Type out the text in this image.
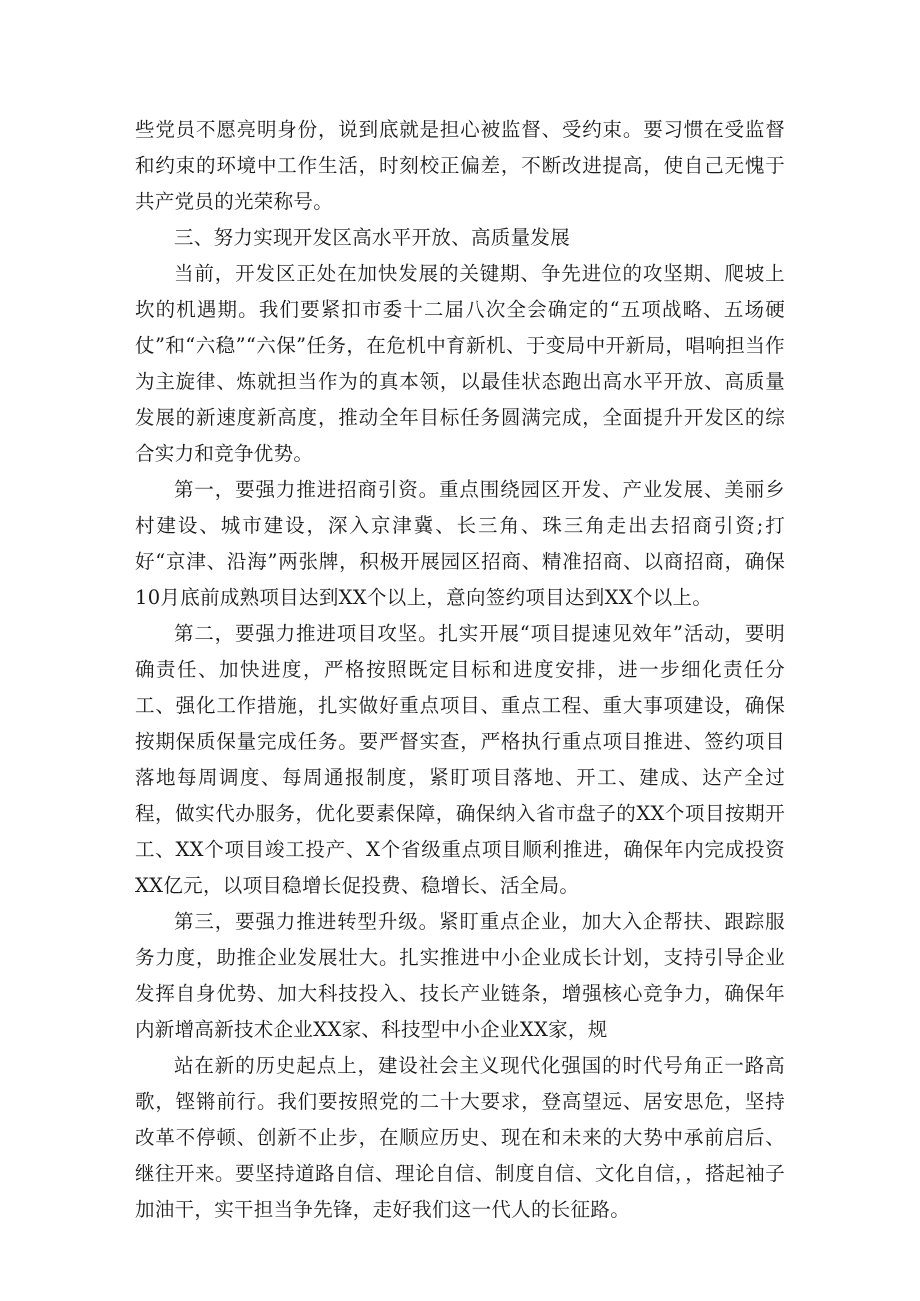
些党员不愿亮明身份，说到底就是担心被监督、受约束。要习惯在受监督和约束的环境中工作生活，时刻校正偏差，不断改进提高，使自己无愧于共产党员的光荣称号。

三、努力实现开发区高水平开放、高质量发展

当前，开发区正处在加快发展的关键期、争先进位的攻坚期、爬坡上坎的机遇期。我们要紧扣市委十二届八次全会确定的“五项战略、五场硬仗”和“六稳”“六保”任务，在危机中育新机、于变局中开新局，唱响担当作为主旋律、炼就担当作为的真本领，以最佳状态跑出高水平开放、高质量发展的新速度新高度，推动全年目标任务圆满完成，全面提升开发区的综合实力和竞争优势。

第一，要强力推进招商引资。重点围绕园区开发、产业发展、美丽乡村建设、城市建设，深入京津冀、长三角、珠三角走出去招商引资;打好“京津、沿海”两张牌，积极开展园区招商、精准招商、以商招商，确保10月底前成熟项目达到XX个以上，意向签约项目达到XX个以上。

第二，要强力推进项目攻坚。扎实开展“项目提速见效年”活动，要明确责任、加快进度，严格按照既定目标和进度安排，进一步细化责任分工、强化工作措施，扎实做好重点项目、重点工程、重大事项建设，确保按期保质保量完成任务。要严督实查，严格执行重点项目推进、签约项目落地每周调度、每周通报制度，紧盯项目落地、开工、建成、达产全过程，做实代办服务，优化要素保障，确保纳入省市盘子的XX个项目按期开工、XX个项目竣工投产、X个省级重点项目顺利推进，确保年内完成投资XX亿元，以项目稳增长促投费、稳增长、活全局。

第三，要强力推进转型升级。紧盯重点企业，加大入企帮扶、跟踪服务力度，助推企业发展壮大。扎实推进中小企业成长计划，支持引导企业发挥自身优势、加大科技投入、技长产业链条，增强核心竞争力，确保年内新增高新技术企业XX家、科技型中小企业XX家，规

站在新的历史起点上，建设社会主义现代化强国的时代号角正一路高歌，铿锵前行。我们要按照党的二十大要求，登高望远、居安思危，坚持改革不停顿、创新不止步，在顺应历史、现在和未来的大势中承前启后、继往开来。要坚持道路自信、理论自信、制度自信、文化自信，，搭起袖子加油干，实干担当争先锋，走好我们这一代人的长征路。
